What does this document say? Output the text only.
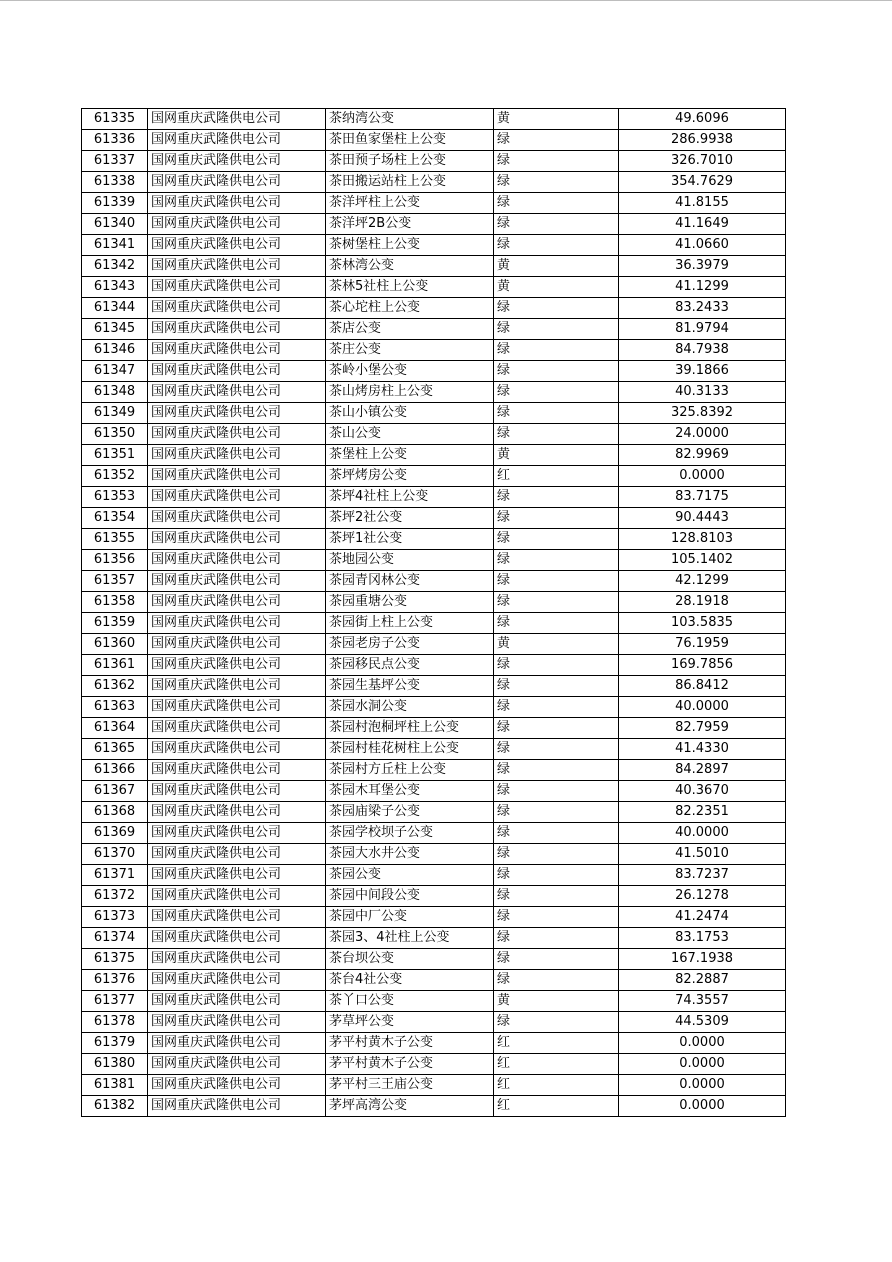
61335	国网重庆武隆供电公司	茶纳湾公变	黄	49.6096
61336	国网重庆武隆供电公司	茶田鱼家堡柱上公变	绿	286.9938
61337	国网重庆武隆供电公司	茶田预子场柱上公变	绿	326.7010
61338	国网重庆武隆供电公司	茶田搬运站柱上公变	绿	354.7629
61339	国网重庆武隆供电公司	茶洋坪柱上公变	绿	41.8155
61340	国网重庆武隆供电公司	茶洋坪2B公变	绿	41.1649
61341	国网重庆武隆供电公司	茶树堡柱上公变	绿	41.0660
61342	国网重庆武隆供电公司	茶林湾公变	黄	36.3979
61343	国网重庆武隆供电公司	茶林5社柱上公变	黄	41.1299
61344	国网重庆武隆供电公司	茶心坨柱上公变	绿	83.2433
61345	国网重庆武隆供电公司	茶店公变	绿	81.9794
61346	国网重庆武隆供电公司	茶庄公变	绿	84.7938
61347	国网重庆武隆供电公司	茶岭小堡公变	绿	39.1866
61348	国网重庆武隆供电公司	茶山烤房柱上公变	绿	40.3133
61349	国网重庆武隆供电公司	茶山小镇公变	绿	325.8392
61350	国网重庆武隆供电公司	茶山公变	绿	24.0000
61351	国网重庆武隆供电公司	茶堡柱上公变	黄	82.9969
61352	国网重庆武隆供电公司	茶坪烤房公变	红	0.0000
61353	国网重庆武隆供电公司	茶坪4社柱上公变	绿	83.7175
61354	国网重庆武隆供电公司	茶坪2社公变	绿	90.4443
61355	国网重庆武隆供电公司	茶坪1社公变	绿	128.8103
61356	国网重庆武隆供电公司	茶地园公变	绿	105.1402
61357	国网重庆武隆供电公司	茶园青冈林公变	绿	42.1299
61358	国网重庆武隆供电公司	茶园重塘公变	绿	28.1918
61359	国网重庆武隆供电公司	茶园街上柱上公变	绿	103.5835
61360	国网重庆武隆供电公司	茶园老房子公变	黄	76.1959
61361	国网重庆武隆供电公司	茶园移民点公变	绿	169.7856
61362	国网重庆武隆供电公司	茶园生基坪公变	绿	86.8412
61363	国网重庆武隆供电公司	茶园水洞公变	绿	40.0000
61364	国网重庆武隆供电公司	茶园村泡桐坪柱上公变	绿	82.7959
61365	国网重庆武隆供电公司	茶园村桂花树柱上公变	绿	41.4330
61366	国网重庆武隆供电公司	茶园村方丘柱上公变	绿	84.2897
61367	国网重庆武隆供电公司	茶园木耳堡公变	绿	40.3670
61368	国网重庆武隆供电公司	茶园庙梁子公变	绿	82.2351
61369	国网重庆武隆供电公司	茶园学校坝子公变	绿	40.0000
61370	国网重庆武隆供电公司	茶园大水井公变	绿	41.5010
61371	国网重庆武隆供电公司	茶园公变	绿	83.7237
61372	国网重庆武隆供电公司	茶园中间段公变	绿	26.1278
61373	国网重庆武隆供电公司	茶园中厂公变	绿	41.2474
61374	国网重庆武隆供电公司	茶园3、4社柱上公变	绿	83.1753
61375	国网重庆武隆供电公司	茶台坝公变	绿	167.1938
61376	国网重庆武隆供电公司	茶台4社公变	绿	82.2887
61377	国网重庆武隆供电公司	茶丫口公变	黄	74.3557
61378	国网重庆武隆供电公司	茅草坪公变	绿	44.5309
61379	国网重庆武隆供电公司	茅平村黄木子公变	红	0.0000
61380	国网重庆武隆供电公司	茅平村黄木子公变	红	0.0000
61381	国网重庆武隆供电公司	茅平村三王庙公变	红	0.0000
61382	国网重庆武隆供电公司	茅坪高湾公变	红	0.0000
